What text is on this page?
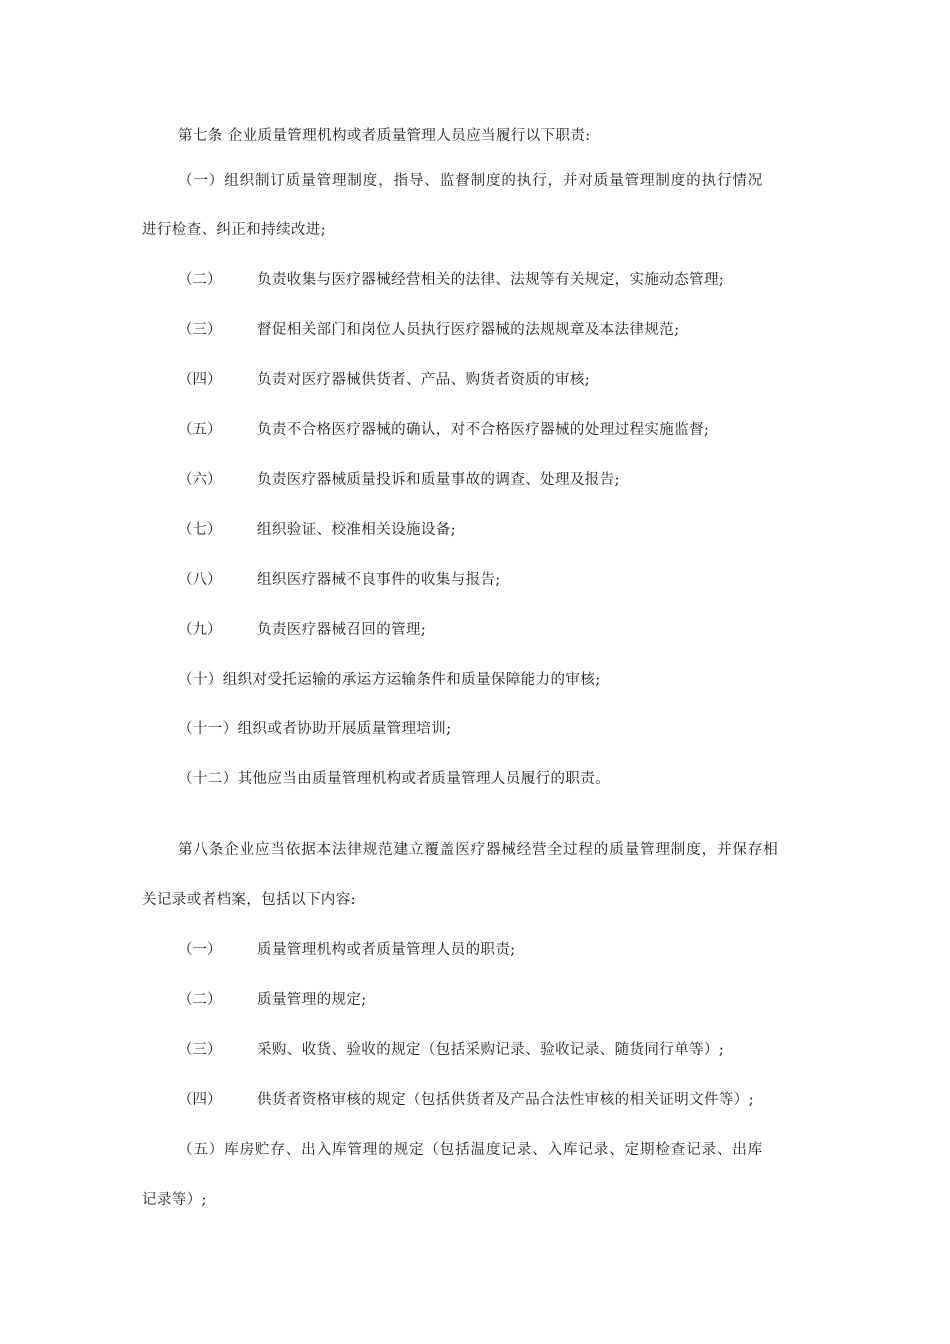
第七条 企业质量管理机构或者质量管理人员应当履行以下职责:
（一）组织制订质量管理制度，指导、监督制度的执行，并对质量管理制度的执行情况
进行检查、纠正和持续改进;
（二） 负责收集与医疗器械经营相关的法律、法规等有关规定，实施动态管理;
（三） 督促相关部门和岗位人员执行医疗器械的法规规章及本法律规范;
（四） 负责对医疗器械供货者、产品、购货者资质的审核;
（五） 负责不合格医疗器械的确认，对不合格医疗器械的处理过程实施监督;
（六） 负责医疗器械质量投诉和质量事故的调查、处理及报告;
（七） 组织验证、校准相关设施设备;
（八） 组织医疗器械不良事件的收集与报告;
（九） 负责医疗器械召回的管理;
（十）组织对受托运输的承运方运输条件和质量保障能力的审核;
（十一）组织或者协助开展质量管理培训;
（十二）其他应当由质量管理机构或者质量管理人员履行的职责。
第八条企业应当依据本法律规范建立覆盖医疗器械经营全过程的质量管理制度，并保存相
关记录或者档案，包括以下内容:
（一） 质量管理机构或者质量管理人员的职责;
（二） 质量管理的规定;
（三） 采购、收货、验收的规定（包括采购记录、验收记录、随货同行单等）;
（四） 供货者资格审核的规定（包括供货者及产品合法性审核的相关证明文件等）;
（五）库房贮存、出入库管理的规定（包括温度记录、入库记录、定期检查记录、出库
记录等）;
